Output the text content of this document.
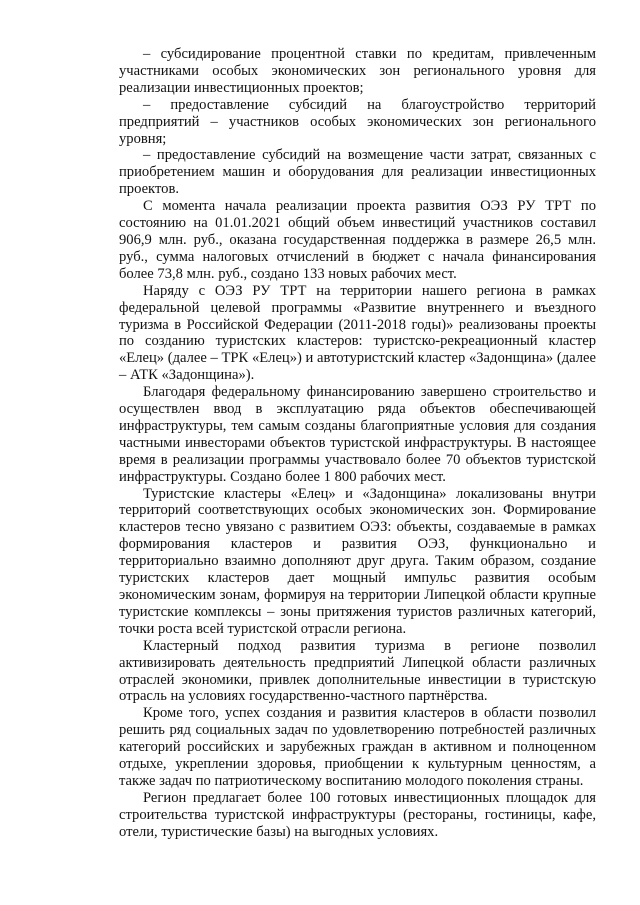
– субсидирование процентной ставки по кредитам, привлеченным участниками особых экономических зон регионального уровня для реализации инвестиционных проектов;

– предоставление субсидий на благоустройство территорий предприятий – участников особых экономических зон регионального уровня;

– предоставление субсидий на возмещение части затрат, связанных с приобретением машин и оборудования для реализации инвестиционных проектов.

С момента начала реализации проекта развития ОЭЗ РУ ТРТ по состоянию на 01.01.2021 общий объем инвестиций участников составил 906,9 млн. руб., оказана государственная поддержка в размере 26,5 млн. руб., сумма налоговых отчислений в бюджет с начала финансирования более 73,8 млн. руб., создано 133 новых рабочих мест.

Наряду с ОЭЗ РУ ТРТ на территории нашего региона в рамках федеральной целевой программы «Развитие внутреннего и въездного туризма в Российской Федерации (2011-2018 годы)» реализованы проекты по созданию туристских кластеров: туристско-рекреационный кластер «Елец» (далее – ТРК «Елец») и автотуристский кластер «Задонщина» (далее – АТК «Задонщина»).

Благодаря федеральному финансированию завершено строительство и осуществлен ввод в эксплуатацию ряда объектов обеспечивающей инфраструктуры, тем самым созданы благоприятные условия для создания частными инвесторами объектов туристской инфраструктуры. В настоящее время в реализации программы участвовало более 70 объектов туристской инфраструктуры. Создано более 1 800 рабочих мест.

Туристские кластеры «Елец» и «Задонщина» локализованы внутри территорий соответствующих особых экономических зон. Формирование кластеров тесно увязано с развитием ОЭЗ: объекты, создаваемые в рамках формирования кластеров и развития ОЭЗ, функционально и территориально взаимно дополняют друг друга. Таким образом, создание туристских кластеров дает мощный импульс развития особым экономическим зонам, формируя на территории Липецкой области крупные туристские комплексы – зоны притяжения туристов различных категорий, точки роста всей туристской отрасли региона.

Кластерный подход развития туризма в регионе позволил активизировать деятельность предприятий Липецкой области различных отраслей экономики, привлек дополнительные инвестиции в туристскую отрасль на условиях государственно-частного партнёрства.

Кроме того, успех создания и развития кластеров в области позволил решить ряд социальных задач по удовлетворению потребностей различных категорий российских и зарубежных граждан в активном и полноценном отдыхе, укреплении здоровья, приобщении к культурным ценностям, а также задач по патриотическому воспитанию молодого поколения страны.

Регион предлагает более 100 готовых инвестиционных площадок для строительства туристской инфраструктуры (рестораны, гостиницы, кафе, отели, туристические базы) на выгодных условиях.
